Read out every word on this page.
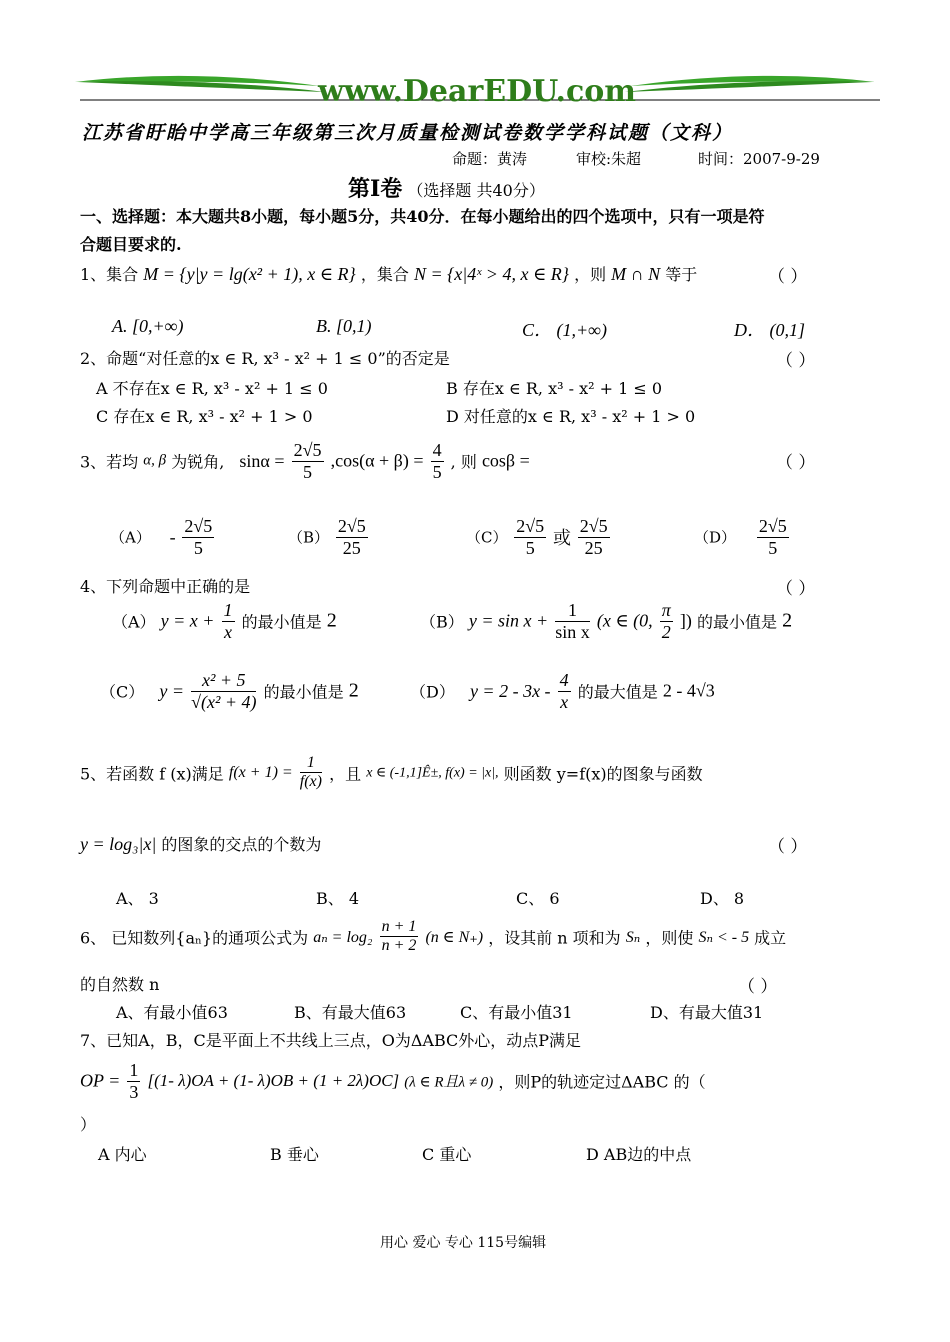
www.DearEDU.com
江苏省盱眙中学高三年级第三次月质量检测试卷数学学科试题（文科）
命题：黄涛	审校:朱超	时间：2007-9-29
第Ⅰ卷 （选择题 共40分）
一、选择题：本大题共8小题，每小题5分，共40分．在每小题给出的四个选项中，只有一项是符
合题目要求的.
1、集合 M = {y|y = lg(x² + 1), x ∈ R} ，集合 N = {x|4ˣ > 4, x ∈ R} ，则 M ∩ N 等于	（ ）
A. [0,+∞)	B. [0,1)	C． (1,+∞)	D． (0,1]
2、命题“对任意的x ∈ R, x³ - x² + 1 ≤ 0”的否定是	（ ）
A 不存在x ∈ R, x³ - x² + 1 ≤ 0	B 存在x ∈ R, x³ - x² + 1 ≤ 0
C 存在x ∈ R, x³ - x² + 1 > 0	D 对任意的x ∈ R, x³ - x² + 1 > 0
3、若均 α, β 为锐角, $\sin\alpha = \frac{2√5}{5} ,\cos(\alpha + \beta) = \frac{4}{5}$ , 则 cosβ =	（ ）
$(A) - \frac{2√5}{5}$	$(B) \frac{2√5}{25}$	$(C) \frac{2√5}{5}$ 或 $\frac{2√5}{25}$	$(D) \frac{2√5}{5}$
4、下列命题中正确的是	（ ）
（A） $y = x + \frac{1}{x}$ 的最小值是 2	（B） $y = \sin x + \frac{1}{\text{sin x}} (x$ ∈ (0, $\frac{\pi}{2}$ ]) 的最小值是 2
（C） $y = \frac{\text{x² + 5}}{\text{√(x² + 4)}}$ 的最小值是 2	（D） $y = 2 - 3x - \frac{4}{x}$ 的最大值是 2 - 4√3
5、若函数 f (x)满足 $f(x + 1) = \frac{1}{f(x)}$ ，且 x ∈ (-1,1]Ê±, f(x) = |x|, 则函数 y=f(x)的图象与函数
y = log₃|x| 的图象的交点的个数为	（ ）
A、 3	B、 4	C、 6	D、 8
6、 已知数列{aₙ}的通项公式为 $a_n = \log_2 \frac{n + 1}{n + 2} (n$ ∈ N₊) ，设其前 n 项和为 Sₙ ，则使 Sₙ < - 5 成立
的自然数 n	（ ）
A、有最小值63	B、有最大值63	C、有最小值31	D、有最大值31
7、已知A，B，C是平面上不共线上三点，O为ΔABC外心，动点P满足
OP = $\frac{1}{3} [(1-$ λ)OA + (1- λ)OB + (1 + 2λ)OC] (λ ∈ R且λ ≠ 0) ，则P的轨迹定过ΔABC 的（
）
A 内心	B 垂心	C 重心	D AB边的中点
用心 爱心 专心 115号编辑
